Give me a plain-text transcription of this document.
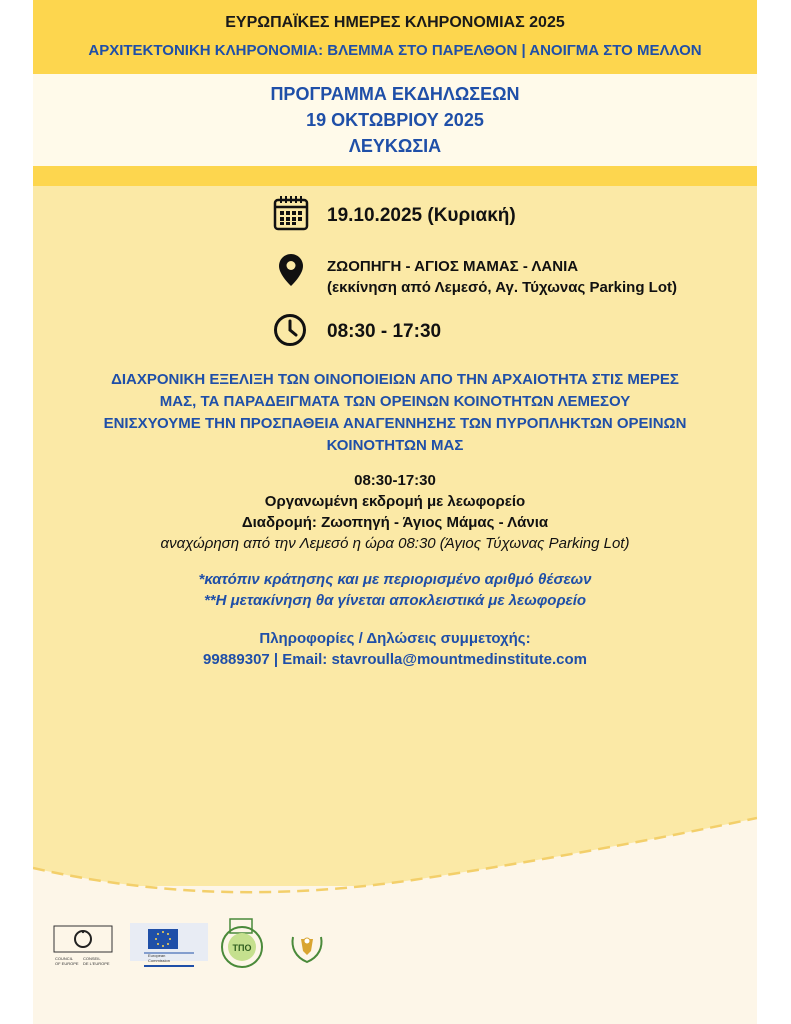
ΕΥΡΩΠΑΪΚΕΣ ΗΜΕΡΕΣ ΚΛΗΡΟΝΟΜΙΑΣ 2025
ΑΡΧΙΤΕΚΤΟΝΙΚΗ ΚΛΗΡΟΝΟΜΙΑ: ΒΛΕΜΜΑ ΣΤΟ ΠΑΡΕΛΘΟΝ | ΑΝΟΙΓΜΑ ΣΤΟ ΜΕΛΛΟΝ
ΠΡΟΓΡΑΜΜΑ ΕΚΔΗΛΩΣΕΩΝ
19 ΟΚΤΩΒΡΙΟΥ 2025
ΛΕΥΚΩΣΙΑ
19.10.2025 (Κυριακή)
ΖΩΟΠΗΓΗ - ΑΓΙΟΣ ΜΑΜΑΣ - ΛΑΝΙΑ
(εκκίνηση από Λεμεσό, Αγ. Τύχωνας Parking Lot)
08:30 - 17:30
ΔΙΑΧΡΟΝΙΚΗ ΕΞΕΛΙΞΗ ΤΩΝ ΟΙΝΟΠΟΙΕΙΩΝ ΑΠΟ ΤΗΝ ΑΡΧΑΙΟΤΗΤΑ ΣΤΙΣ ΜΕΡΕΣ
ΜΑΣ, ΤΑ ΠΑΡΑΔΕΙΓΜΑΤΑ ΤΩΝ ΟΡΕΙΝΩΝ ΚΟΙΝΟΤΗΤΩΝ ΛΕΜΕΣΟΥ
ΕΝΙΣΧΥΟΥΜΕ ΤΗΝ ΠΡΟΣΠΑΘΕΙΑ ΑΝΑΓΕΝΝΗΣΗΣ ΤΩΝ ΠΥΡΟΠΛΗΚΤΩΝ ΟΡΕΙΝΩΝ
ΚΟΙΝΟΤΗΤΩΝ ΜΑΣ
08:30-17:30
Οργανωμένη εκδρομή με λεωφορείο
Διαδρομή: Ζωοπηγή - Άγιος Μάμας - Λάνια
αναχώρηση από την Λεμεσό η ώρα 08:30 (Άγιος Τύχωνας Parking Lot)
*κατόπιν κράτησης και με περιορισμένο αριθμό θέσεων
**Η μετακίνηση θα γίνεται αποκλειστικά με λεωφορείο
Πληροφορίες / Δηλώσεις συμμετοχής:
99889307 | Email: stavroulla@mountmedinstitute.com
COUNCIL
OF EUROPE
CONSEIL
DE L'EUROPE
European
Commission
ΤΠΟ
